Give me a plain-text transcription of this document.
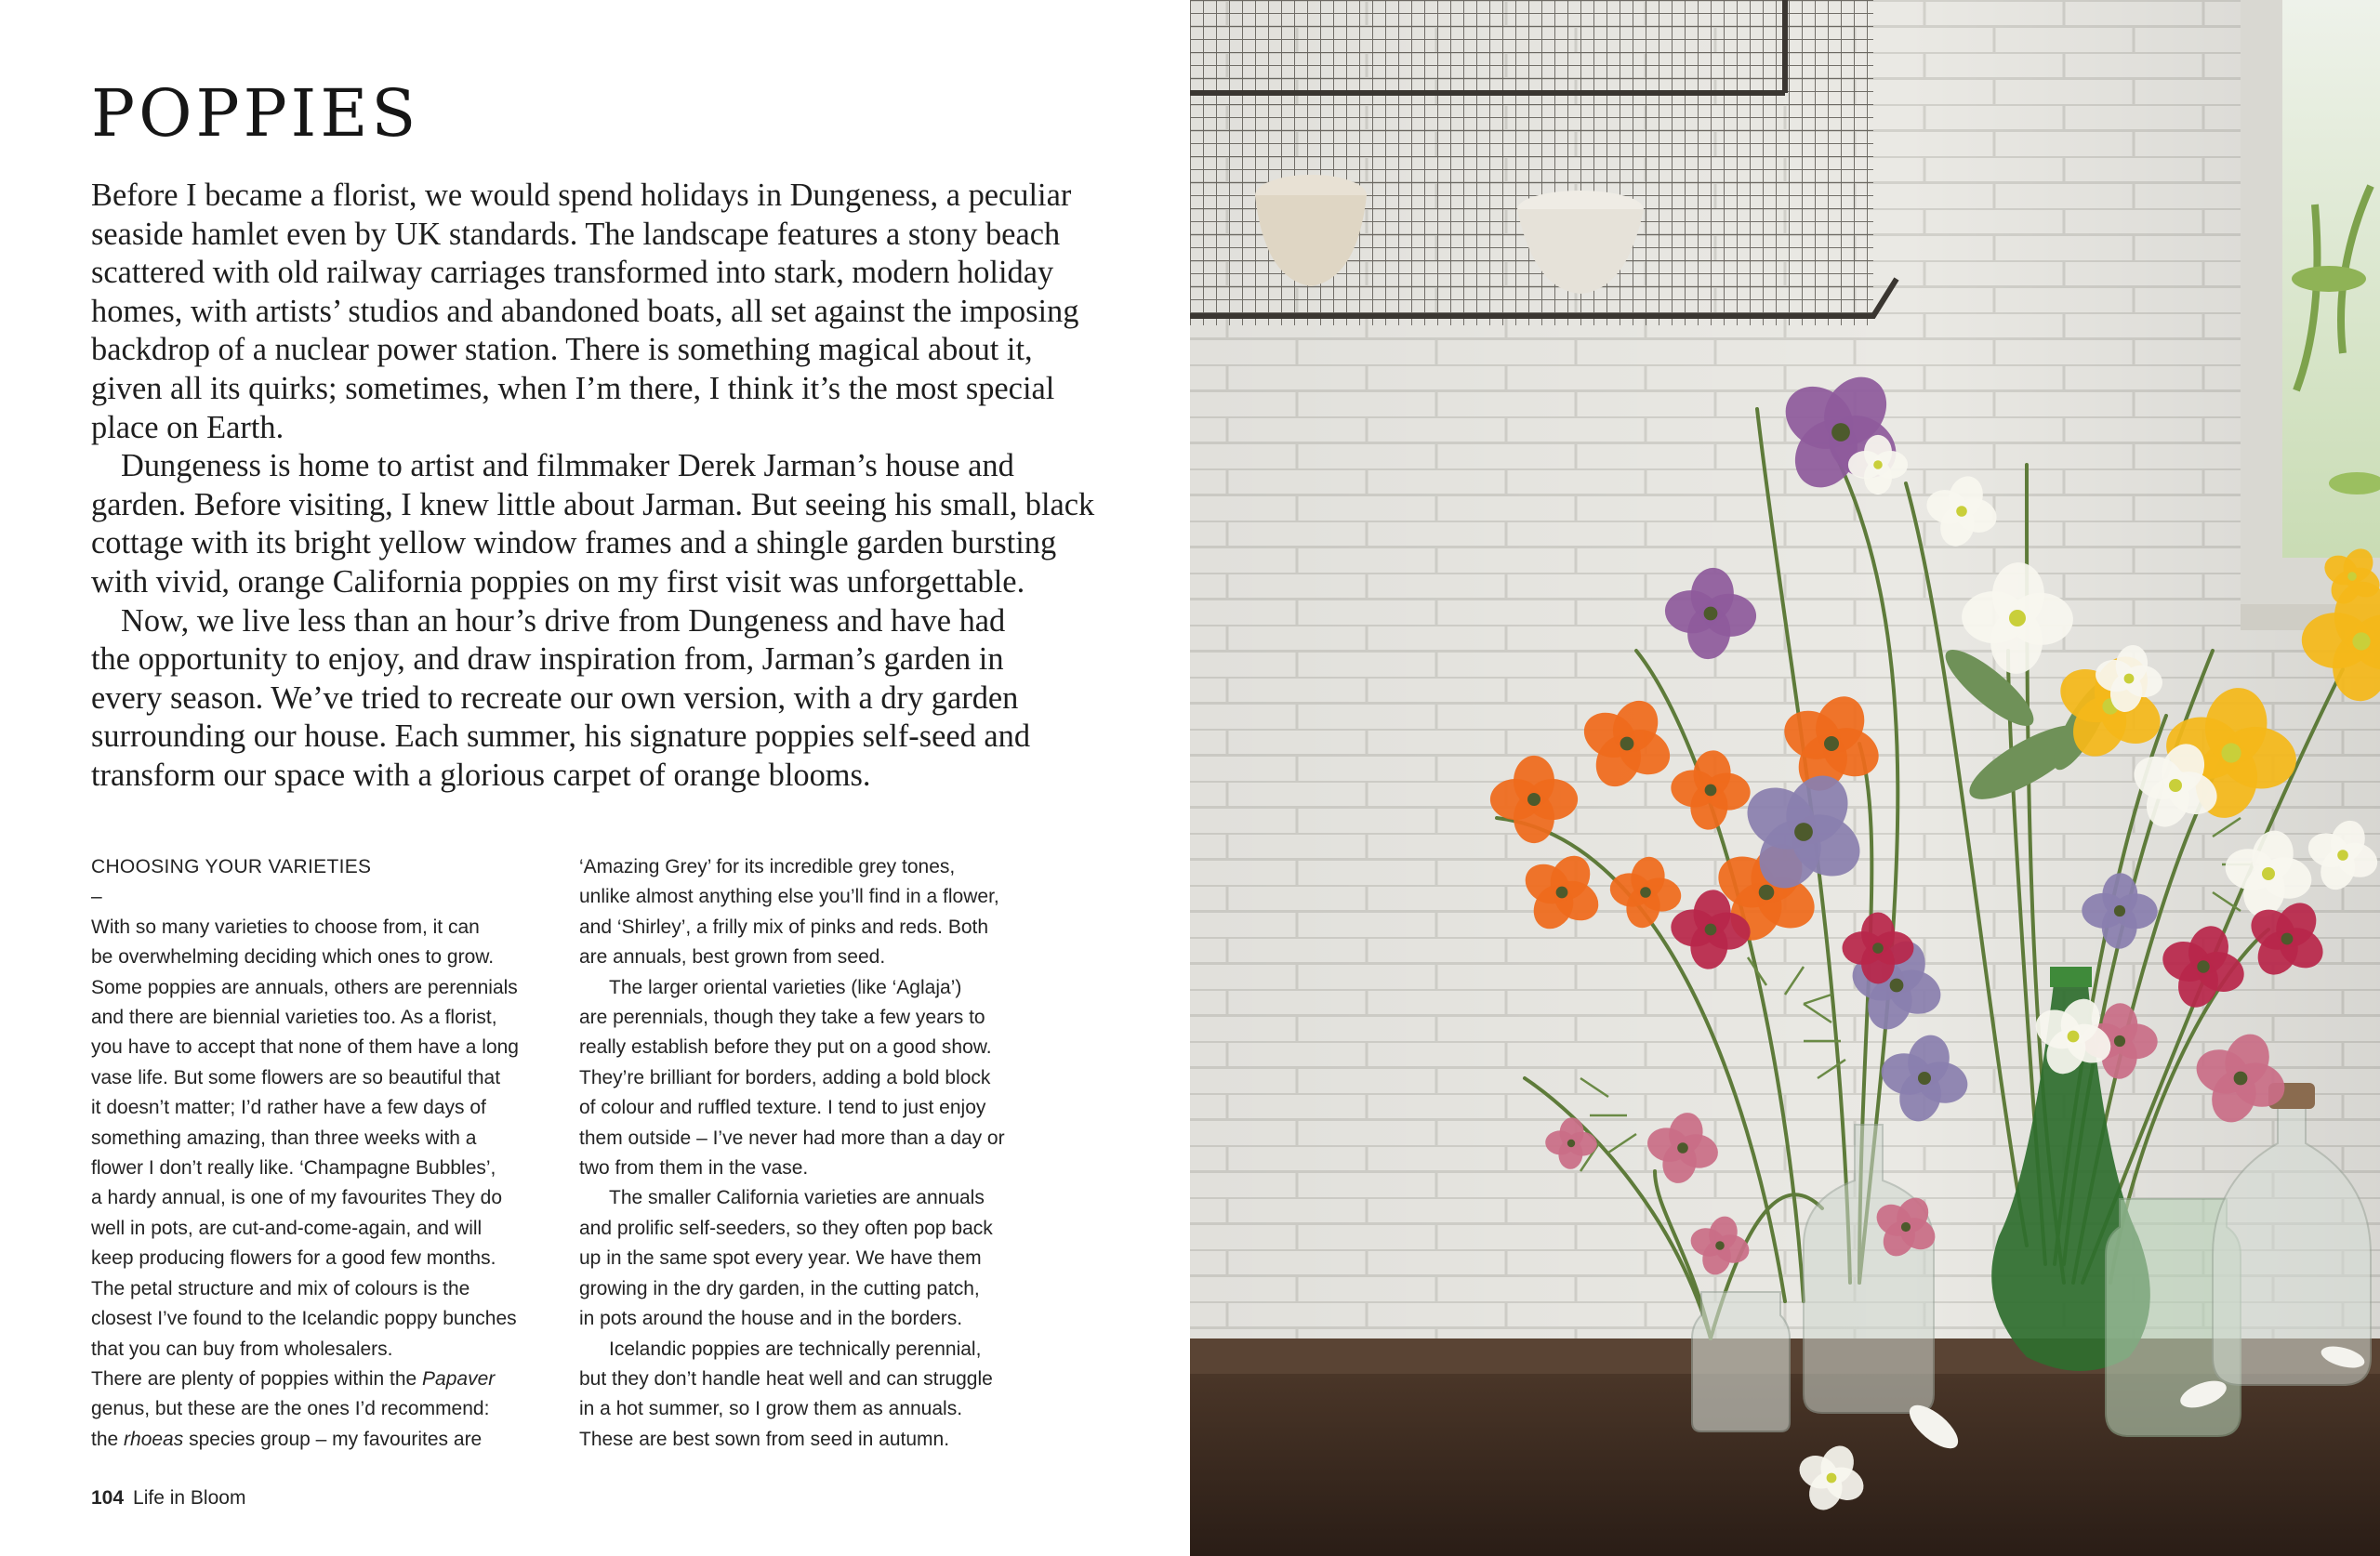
POPPIES

Before I became a florist, we would spend holidays in Dungeness, a peculiar

seaside hamlet even by UK standards. The landscape features a stony beach

scattered with old railway carriages transformed into stark, modern holiday

homes, with artists’ studios and abandoned boats, all set against the imposing

backdrop of a nuclear power station. There is something magical about it,

given all its quirks; sometimes, when I’m there, I think it’s the most special

place on Earth.

Dungeness is home to artist and filmmaker Derek Jarman’s house and

garden. Before visiting, I knew little about Jarman. But seeing his small, black

cottage with its bright yellow window frames and a shingle garden bursting

with vivid, orange California poppies on my first visit was unforgettable.

Now, we live less than an hour’s drive from Dungeness and have had

the opportunity to enjoy, and draw inspiration from, Jarman’s garden in

every season. We’ve tried to recreate our own version, with a dry garden

surrounding our house. Each summer, his signature poppies self-seed and

transform our space with a glorious carpet of orange blooms.

CHOOSING YOUR VARIETIES

–

With so many varieties to choose from, it can

be overwhelming deciding which ones to grow.

Some poppies are annuals, others are perennials

and there are biennial varieties too. As a florist,

you have to accept that none of them have a long

vase life. But some flowers are so beautiful that

it doesn’t matter; I’d rather have a few days of

something amazing, than three weeks with a

flower I don’t really like. ‘Champagne Bubbles’,

a hardy annual, is one of my favourites They do

well in pots, are cut-and-come-again, and will

keep producing flowers for a good few months.

The petal structure and mix of colours is the

closest I’ve found to the Icelandic poppy bunches

that you can buy from wholesalers.

There are plenty of poppies within the Papaver

genus, but these are the ones I’d recommend:

the rhoeas species group – my favourites are

‘Amazing Grey’ for its incredible grey tones,

unlike almost anything else you’ll find in a flower,

and ‘Shirley’, a frilly mix of pinks and reds. Both

are annuals, best grown from seed.

The larger oriental varieties (like ‘Aglaja’)

are perennials, though they take a few years to

really establish before they put on a good show.

They’re brilliant for borders, adding a bold block

of colour and ruffled texture. I tend to just enjoy

them outside – I’ve never had more than a day or

two from them in the vase.

The smaller California varieties are annuals

and prolific self-seeders, so they often pop back

up in the same spot every year. We have them

growing in the dry garden, in the cutting patch,

in pots around the house and in the borders.

Icelandic poppies are technically perennial,

but they don’t handle heat well and can struggle

in a hot summer, so I grow them as annuals.

These are best sown from seed in autumn.

104 Life in Bloom
